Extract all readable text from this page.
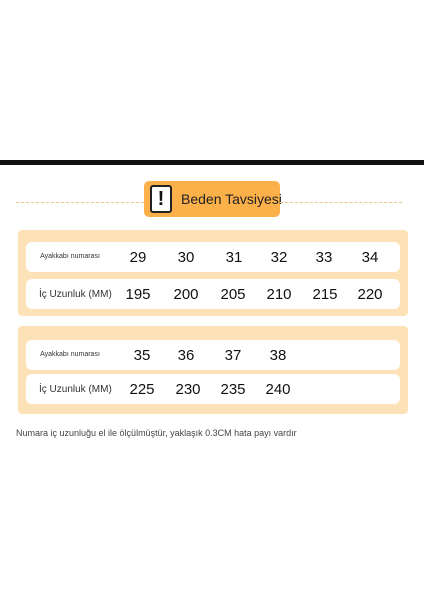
!	Beden Tavsiyesi
Ayakkabı numarası	29	30	31	32	33	34
İç Uzunluk (MM) 195	200	205	210	215	220
Ayakkabı numarası	35	36	37	38
İç Uzunluk (MM)	225	230	235	240
Numara iç uzunluğu el ile ölçülmüştür, yaklaşık 0.3CM hata payı vardır
